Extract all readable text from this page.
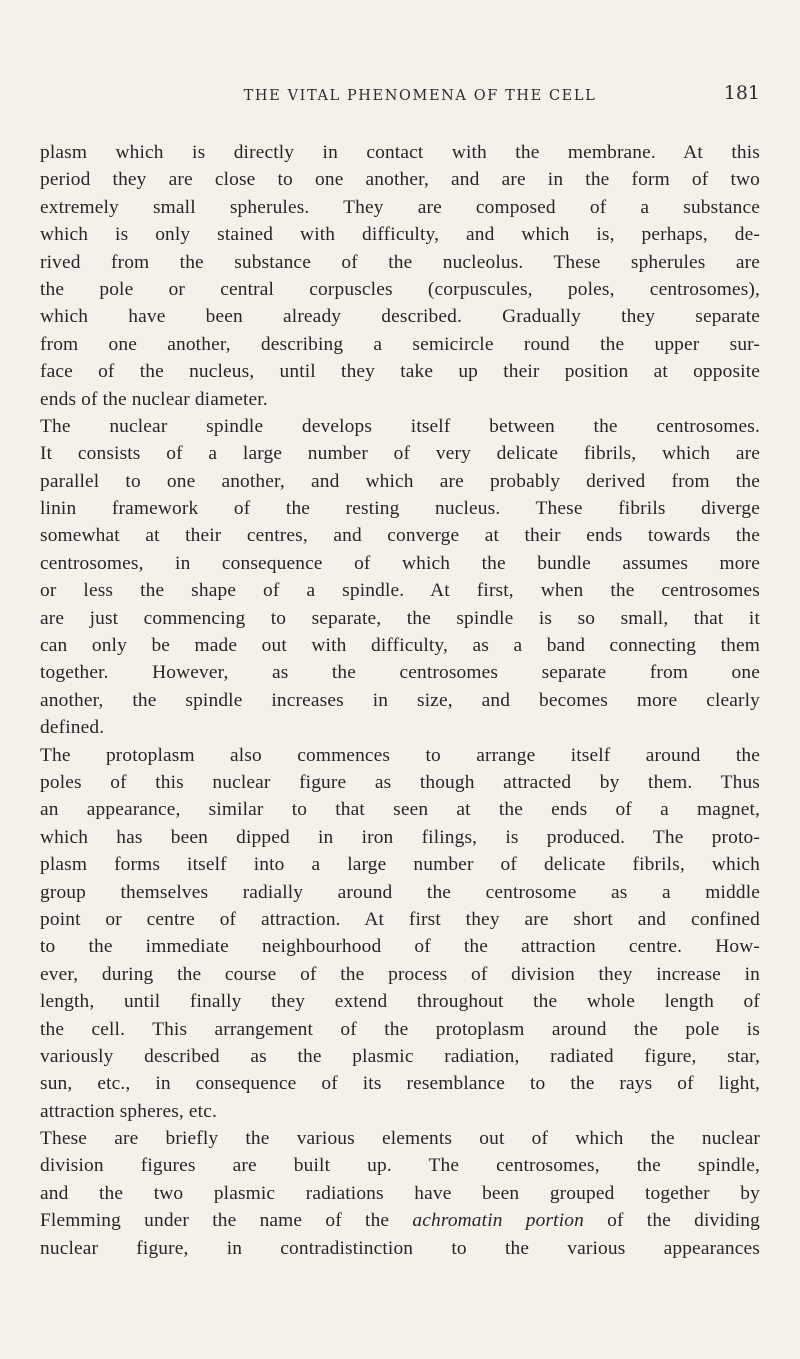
THE VITAL PHENOMENA OF THE CELL	181
plasm which is directly in contact with the membrane. At this
period they are close to one another, and are in the form of two
extremely small spherules. They are composed of a substance
which is only stained with difficulty, and which is, perhaps, de-
rived from the substance of the nucleolus. These spherules are
the pole or central corpuscles (corpuscules, poles, centrosomes),
which have been already described. Gradually they separate
from one another, describing a semicircle round the upper sur-
face of the nucleus, until they take up their position at opposite
ends of the nuclear diameter.
The nuclear spindle develops itself between the centrosomes.
It consists of a large number of very delicate fibrils, which are
parallel to one another, and which are probably derived from the
linin framework of the resting nucleus. These fibrils diverge
somewhat at their centres, and converge at their ends towards the
centrosomes, in consequence of which the bundle assumes more
or less the shape of a spindle. At first, when the centrosomes
are just commencing to separate, the spindle is so small, that it
can only be made out with difficulty, as a band connecting them
together. However, as the centrosomes separate from one
another, the spindle increases in size, and becomes more clearly
defined.
The protoplasm also commences to arrange itself around the
poles of this nuclear figure as though attracted by them. Thus
an appearance, similar to that seen at the ends of a magnet,
which has been dipped in iron filings, is produced. The proto-
plasm forms itself into a large number of delicate fibrils, which
group themselves radially around the centrosome as a middle
point or centre of attraction. At first they are short and confined
to the immediate neighbourhood of the attraction centre. How-
ever, during the course of the process of division they increase in
length, until finally they extend throughout the whole length of
the cell. This arrangement of the protoplasm around the pole is
variously described as the plasmic radiation, radiated figure, star,
sun, etc., in consequence of its resemblance to the rays of light,
attraction spheres, etc.
These are briefly the various elements out of which the nuclear
division figures are built up. The centrosomes, the spindle,
and the two plasmic radiations have been grouped together by
Flemming under the name of the achromatin portion of the dividing
nuclear figure, in contradistinction to the various appearances
